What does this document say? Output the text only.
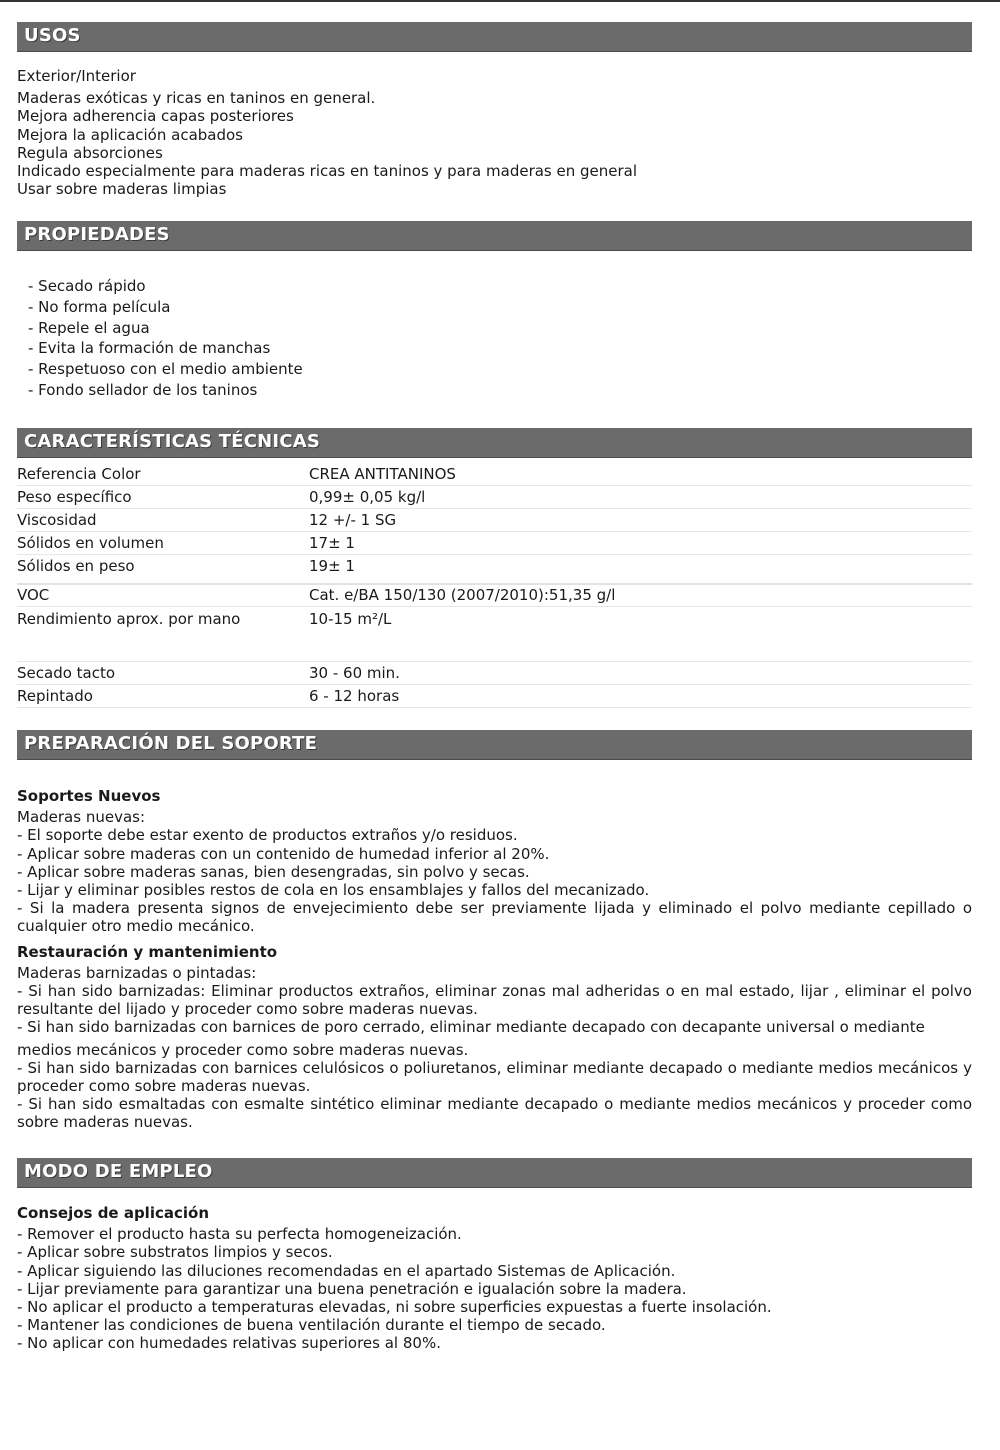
USOS
Exterior/Interior
Maderas exóticas y ricas en taninos en general.
Mejora adherencia capas posteriores
Mejora la aplicación acabados
Regula absorciones
Indicado especialmente para maderas ricas en taninos y para maderas en general
Usar sobre maderas limpias
PROPIEDADES
- Secado rápido
- No forma película
- Repele el agua
- Evita la formación de manchas
- Respetuoso con el medio ambiente
- Fondo sellador de los taninos
CARACTERÍSTICAS TÉCNICAS
Referencia Color	CREA ANTITANINOS
Peso específico	0,99± 0,05 kg/l
Viscosidad	12 +/- 1 SG
Sólidos en volumen	17± 1
Sólidos en peso	19± 1
VOC	Cat. e/BA 150/130 (2007/2010):51,35 g/l
Rendimiento aprox. por mano	10-15 m²/L
Secado tacto	30 - 60 min.
Repintado	6 - 12 horas
PREPARACIÓN DEL SOPORTE
Soportes Nuevos
Maderas nuevas:
- El soporte debe estar exento de productos extraños y/o residuos.
- Aplicar sobre maderas con un contenido de humedad inferior al 20%.
- Aplicar sobre maderas sanas, bien desengradas, sin polvo y secas.
- Lijar y eliminar posibles restos de cola en los ensamblajes y fallos del mecanizado.
- Si la madera presenta signos de envejecimiento debe ser previamente lijada y eliminado el polvo mediante cepillado o cualquier otro medio mecánico.
Restauración y mantenimiento
Maderas barnizadas o pintadas:
- Si han sido barnizadas: Eliminar productos extraños, eliminar zonas mal adheridas o en mal estado, lijar , eliminar el polvo resultante del lijado y proceder como sobre maderas nuevas.
- Si han sido barnizadas con barnices de poro cerrado, eliminar mediante decapado con decapante universal o mediante
medios mecánicos y proceder como sobre maderas nuevas.
- Si han sido barnizadas con barnices celulósicos o poliuretanos, eliminar mediante decapado o mediante medios mecánicos y proceder como sobre maderas nuevas.
- Si han sido esmaltadas con esmalte sintético eliminar mediante decapado o mediante medios mecánicos y proceder como sobre maderas nuevas.
MODO DE EMPLEO
Consejos de aplicación
- Remover el producto hasta su perfecta homogeneización.
- Aplicar sobre substratos limpios y secos.
- Aplicar siguiendo las diluciones recomendadas en el apartado Sistemas de Aplicación.
- Lijar previamente para garantizar una buena penetración e igualación sobre la madera.
- No aplicar el producto a temperaturas elevadas, ni sobre superficies expuestas a fuerte insolación.
- Mantener las condiciones de buena ventilación durante el tiempo de secado.
- No aplicar con humedades relativas superiores al 80%.
